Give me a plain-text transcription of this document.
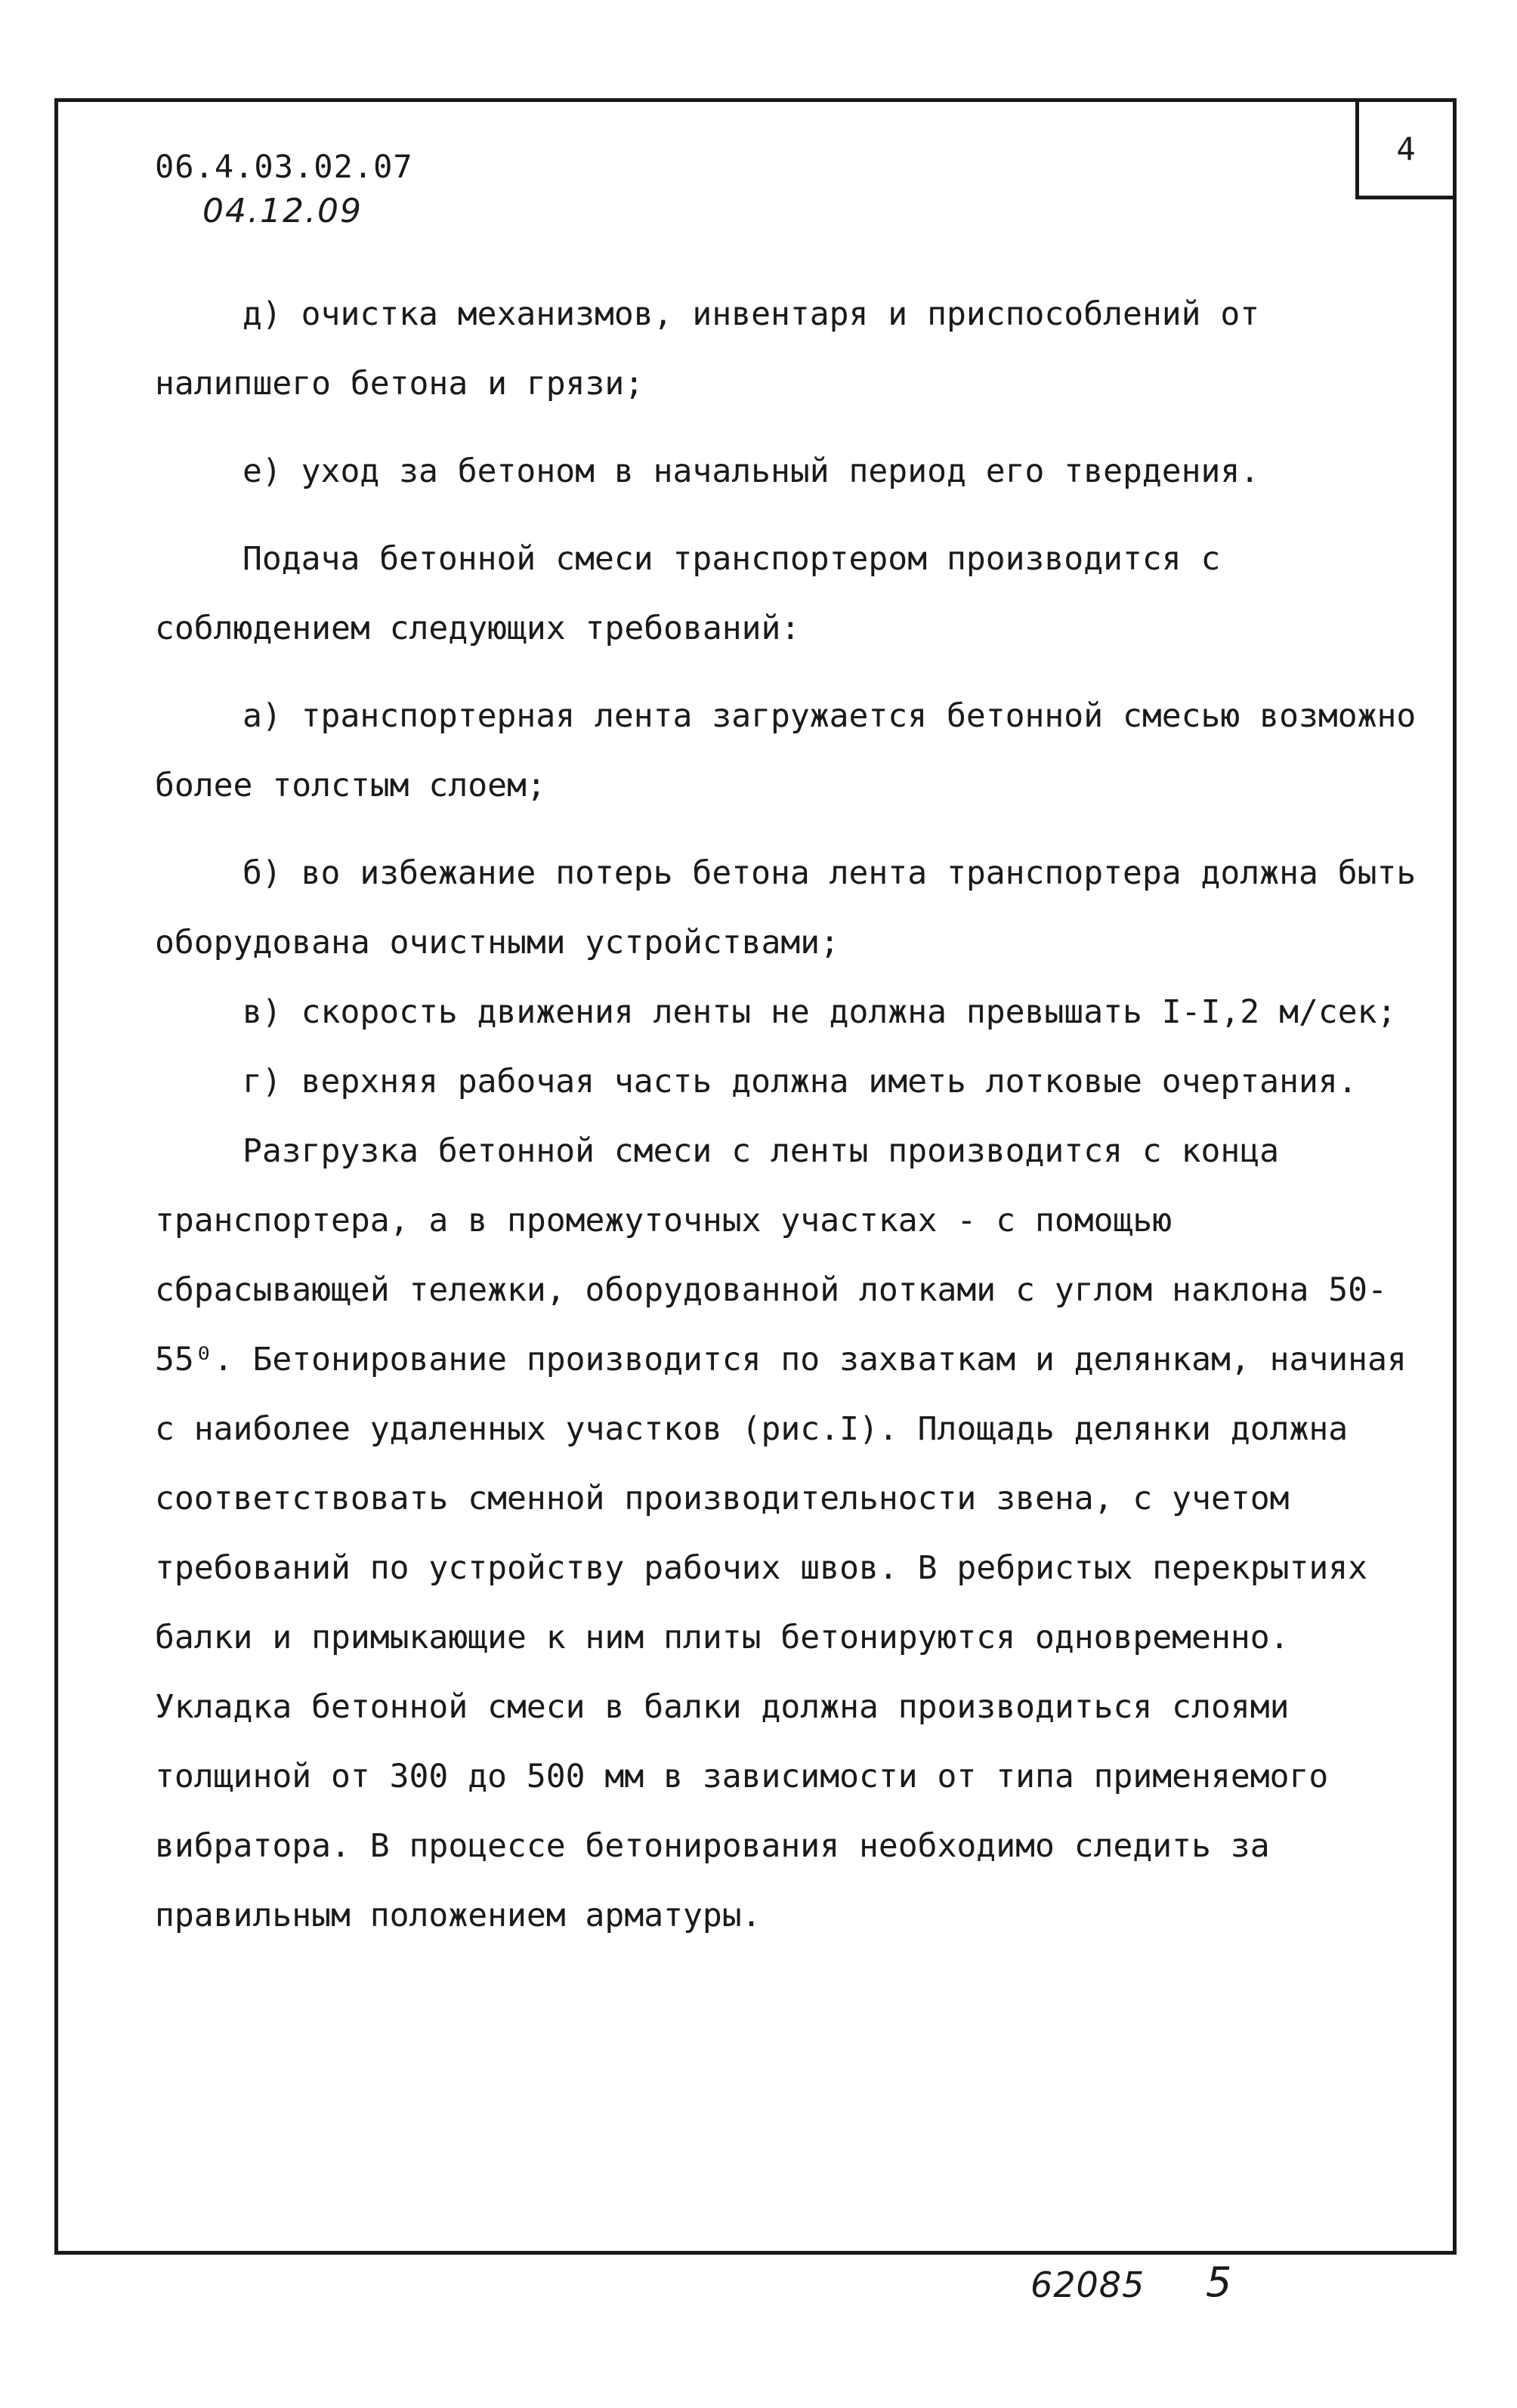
4
06.4.03.02.07
04.12.09

д) очистка механизмов, инвентаря и приспособлений от налипшего бетона и грязи;

е) уход за бетоном в начальный период его твердения.

Подача бетонной смеси транспортером производится с соблюдением следующих требований:

а) транспортерная лента загружается бетонной смесью возможно более толстым слоем;

б) во избежание потерь бетона лента транспортера должна быть оборудована очистными устройствами;

в) скорость движения ленты не должна превышать I-I,2 м/сек;

г) верхняя рабочая часть должна иметь лотковые очертания.

Разгрузка бетонной смеси с ленты производится с конца транспортера, а в промежуточных участках - с помощью сбрасывающей тележки, оборудованной лотками с углом наклона 50-55⁰. Бетонирование производится по захваткам и делянкам, начиная с наиболее удаленных участков (рис.I). Площадь делянки должна соответствовать сменной производительности звена, с учетом требований по устройству рабочих швов. В ребристых перекрытиях балки и примыкающие к ним плиты бетонируются одновременно. Укладка бетонной смеси в балки должна производиться слоями толщиной от 300 до 500 мм в зависимости от типа применяемого вибратора. В процессе бетонирования необходимо следить за правильным положением арматуры.

62085 5
